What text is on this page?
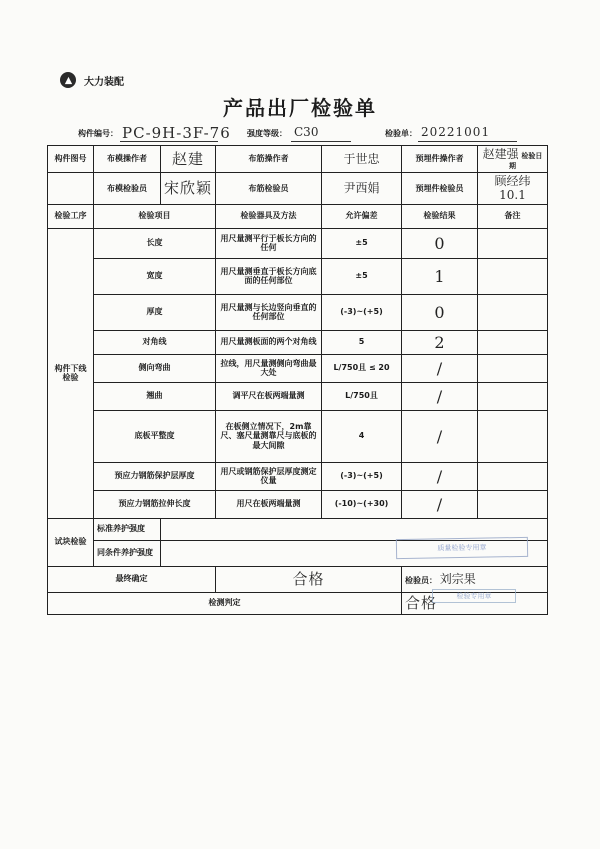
大力装配
产品出厂检验单
构件编号： PC-9H-3F-76 强度等级： C30	检验单： 20221001
构件图号	布模操作者	赵建	布筋操作者	于世忠	预埋件操作者	赵建强 检验日期
	布模检验员	宋欣颖	布筋检验员	尹西娟	预埋件检验员	顾经纬 10.1
检验工序	检验项目		检验器具及方法	允许偏差	检验结果	备注
构件下线检验	长度		用尺量测平行于板长方向的任何	±5	0	
	宽度		用尺量测垂直于板长方向底面的任何部位	±5	1	
	厚度		用尺量测与长边竖向垂直的任何部位	(-3)~(+5)	0	
	对角线		用尺量测板面的两个对角线	5	2	
	侧向弯曲		拉线，用尺量测侧向弯曲最大处	L/750且 ≤ 20	/	
	翘曲		调平尺在板两端量测	L/750且	/	
	底板平整度		在板侧立情况下，2m靠尺、塞尺量测靠尺与底板的最大间隙	4	/	
	预应力钢筋保护层厚度		用尺或钢筋保护层厚度测定仪量	(-3)~(+5)	/	
	预应力钢筋拉伸长度		用尺在板两端量测	(-10)~(+30)	/	
试块检验	标准养护强度					
	同条件养护强度					
最终确定			合格		检验员： 刘宗果	
检测判定					合格	
质量检验专用章
检验专用章
